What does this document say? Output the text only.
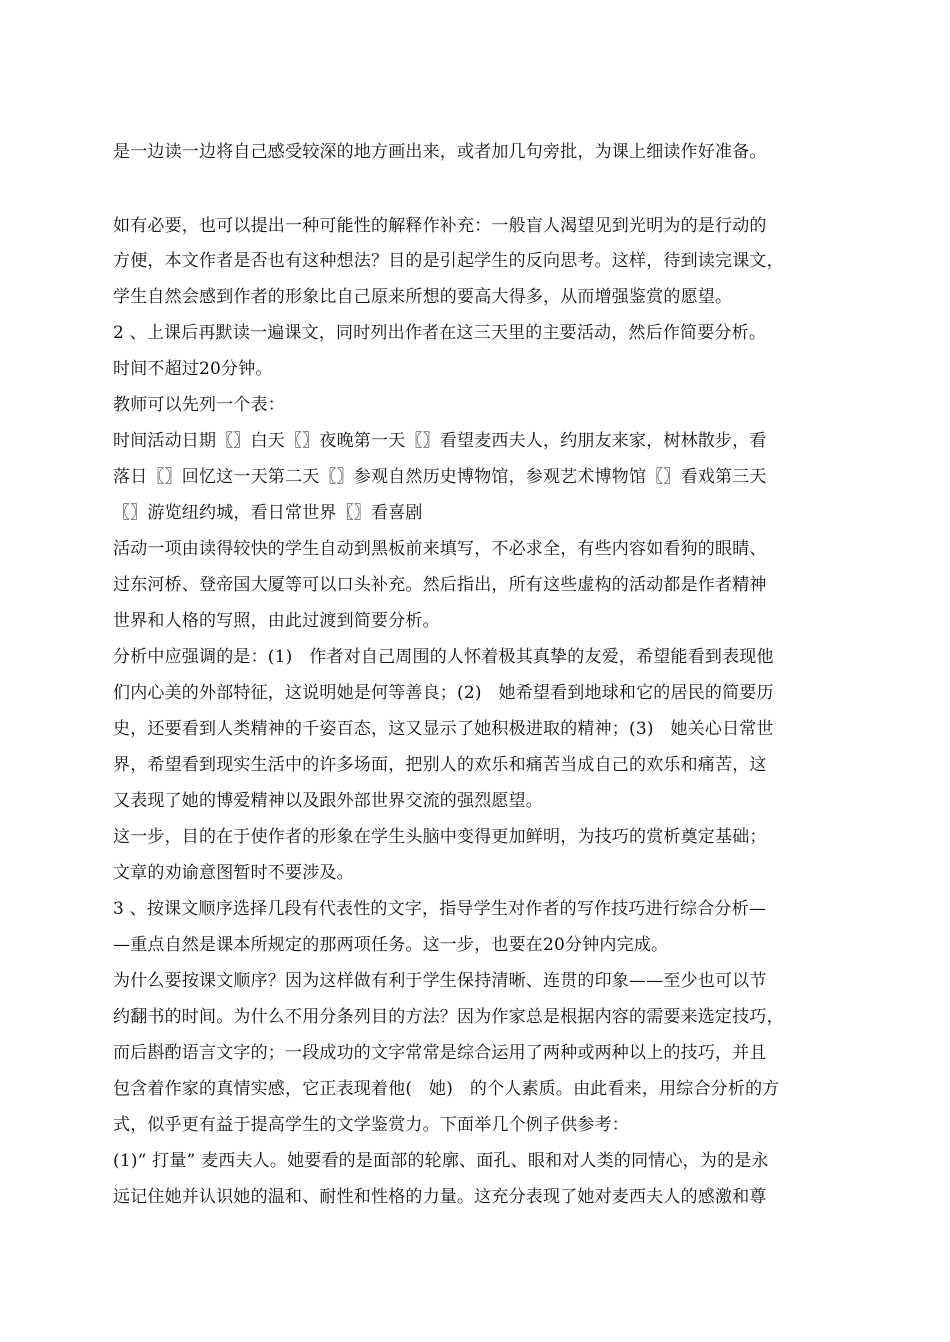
是一边读一边将自己感受较深的地方画出来，或者加几句旁批，为课上细读作好准备。
如有必要，也可以提出一种可能性的解释作补充：一般盲人渴望见到光明为的是行动的
方便，本文作者是否也有这种想法？目的是引起学生的反向思考。这样，待到读完课文，
学生自然会感到作者的形象比自己原来所想的要高大得多，从而增强鉴赏的愿望。
2 、上课后再默读一遍课文，同时列出作者在这三天里的主要活动，然后作简要分析。
时间不超过20分钟。
教师可以先列一个表：
时间活动日期〖〗白天〖〗夜晚第一天〖〗看望麦西夫人，约朋友来家，树林散步，看
落日〖〗回忆这一天第二天〖〗参观自然历史博物馆，参观艺术博物馆〖〗看戏第三天
〖〗游览纽约城，看日常世界〖〗看喜剧
活动一项由读得较快的学生自动到黑板前来填写，不必求全，有些内容如看狗的眼睛、
过东河桥、登帝国大厦等可以口头补充。然后指出，所有这些虚构的活动都是作者精神
世界和人格的写照，由此过渡到简要分析。
分析中应强调的是：(1)   作者对自己周围的人怀着极其真挚的友爱，希望能看到表现他
们内心美的外部特征，这说明她是何等善良；(2)   她希望看到地球和它的居民的简要历
史，还要看到人类精神的千姿百态，这又显示了她积极进取的精神；(3)   她关心日常世
界，希望看到现实生活中的许多场面，把别人的欢乐和痛苦当成自己的欢乐和痛苦，这
又表现了她的博爱精神以及跟外部世界交流的强烈愿望。
这一步，目的在于使作者的形象在学生头脑中变得更加鲜明，为技巧的赏析奠定基础；
文章的劝谕意图暂时不要涉及。
3 、按课文顺序选择几段有代表性的文字，指导学生对作者的写作技巧进行综合分析—
—重点自然是课本所规定的那两项任务。这一步，也要在20分钟内完成。
为什么要按课文顺序？因为这样做有利于学生保持清晰、连贯的印象——至少也可以节
约翻书的时间。为什么不用分条列目的方法？因为作家总是根据内容的需要来选定技巧，
而后斟酌语言文字的；一段成功的文字常常是综合运用了两种或两种以上的技巧，并且
包含着作家的真情实感，它正表现着他(   她)   的个人素质。由此看来，用综合分析的方
式，似乎更有益于提高学生的文学鉴赏力。下面举几个例子供参考：
(1)“ 打量” 麦西夫人。她要看的是面部的轮廓、面孔、眼和对人类的同情心，为的是永
远记住她并认识她的温和、耐性和性格的力量。这充分表现了她对麦西夫人的感激和尊
